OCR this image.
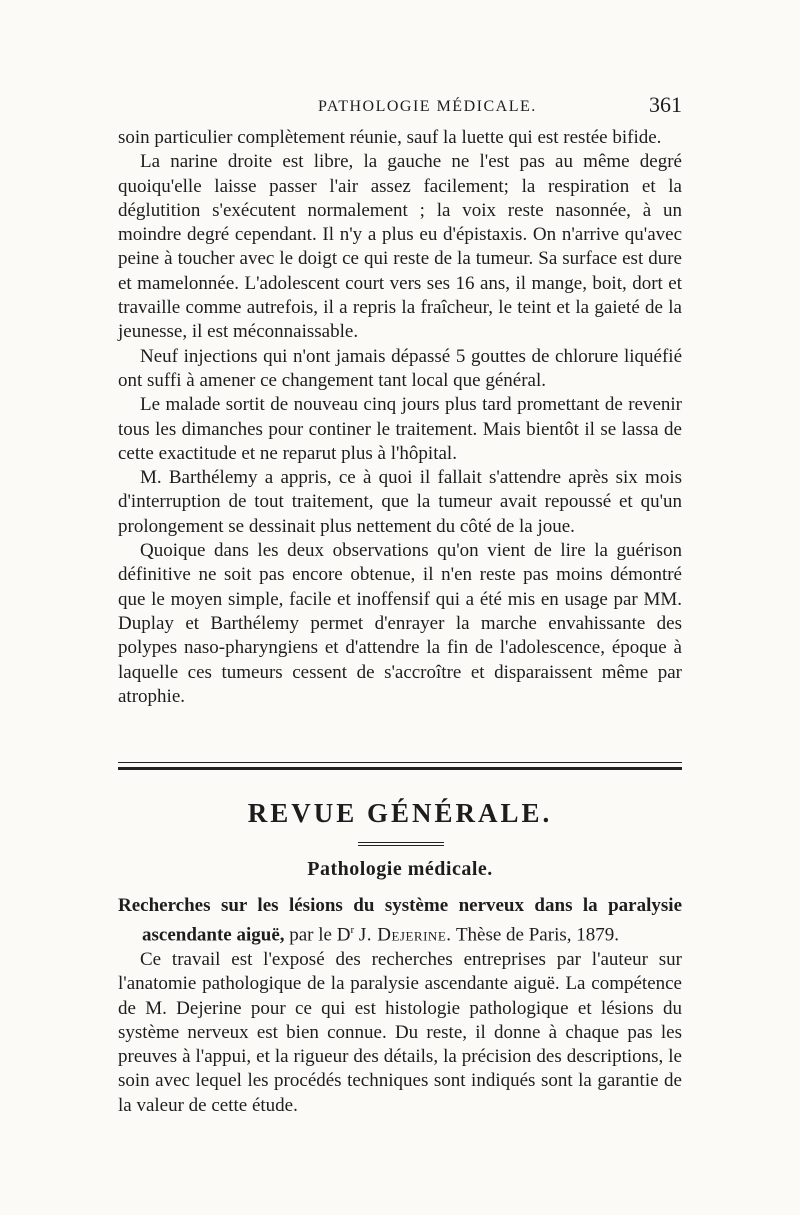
PATHOLOGIE MÉDICALE.	361

soin particulier complètement réunie, sauf la luette qui est restée bifide.

La narine droite est libre, la gauche ne l'est pas au même degré quoiqu'elle laisse passer l'air assez facilement; la respiration et la déglutition s'exécutent normalement ; la voix reste nasonnée, à un moindre degré cependant. Il n'y a plus eu d'épistaxis. On n'arrive qu'avec peine à toucher avec le doigt ce qui reste de la tumeur. Sa surface est dure et mamelonnée. L'adolescent court vers ses 16 ans, il mange, boit, dort et travaille comme autrefois, il a repris la fraîcheur, le teint et la gaieté de la jeunesse, il est méconnaissable.

Neuf injections qui n'ont jamais dépassé 5 gouttes de chlorure liquéfié ont suffi à amener ce changement tant local que général.

Le malade sortit de nouveau cinq jours plus tard promettant de revenir tous les dimanches pour continer le traitement. Mais bientôt il se lassa de cette exactitude et ne reparut plus à l'hôpital.

M. Barthélemy a appris, ce à quoi il fallait s'attendre après six mois d'interruption de tout traitement, que la tumeur avait repoussé et qu'un prolongement se dessinait plus nettement du côté de la joue.

Quoique dans les deux observations qu'on vient de lire la guérison définitive ne soit pas encore obtenue, il n'en reste pas moins démontré que le moyen simple, facile et inoffensif qui a été mis en usage par MM. Duplay et Barthélemy permet d'enrayer la marche envahissante des polypes naso-pharyngiens et d'attendre la fin de l'adolescence, époque à laquelle ces tumeurs cessent de s'accroître et disparaissent même par atrophie.

REVUE GÉNÉRALE.
Pathologie médicale.
Recherches sur les lésions du système nerveux dans la paralysie
ascendante aiguë, par le $D^r$ J. Dejerine. Thèse de Paris, 1879.

Ce travail est l'exposé des recherches entreprises par l'auteur sur l'anatomie pathologique de la paralysie ascendante aiguë. La compétence de M. Dejerine pour ce qui est histologie pathologique et lésions du système nerveux est bien connue. Du reste, il donne à chaque pas les preuves à l'appui, et la rigueur des détails, la précision des descriptions, le soin avec lequel les procédés techniques sont indiqués sont la garantie de la valeur de cette étude.
